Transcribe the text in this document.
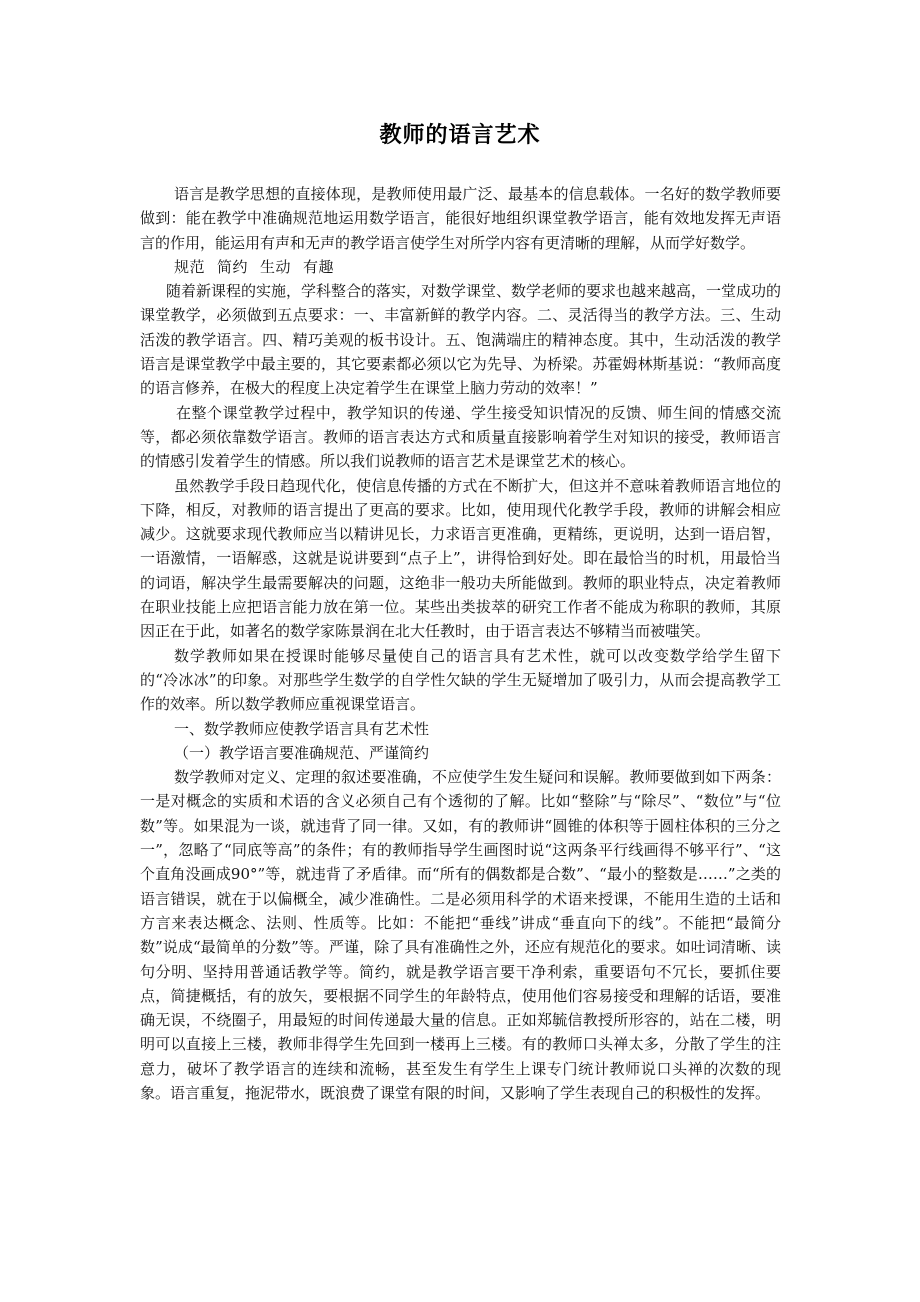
教师的语言艺术

语言是教学思想的直接体现，是教师使用最广泛、最基本的信息载体。一名好的数学教师要做到：能在教学中准确规范地运用数学语言，能很好地组织课堂教学语言，能有效地发挥无声语言的作用，能运用有声和无声的教学语言使学生对所学内容有更清晰的理解，从而学好数学。

规范 简约 生动 有趣

随着新课程的实施，学科整合的落实，对数学课堂、数学老师的要求也越来越高，一堂成功的课堂教学，必须做到五点要求：一、丰富新鲜的教学内容。二、灵活得当的教学方法。三、生动活泼的教学语言。四、精巧美观的板书设计。五、饱满端庄的精神态度。其中，生动活泼的教学语言是课堂教学中最主要的，其它要素都必须以它为先导、为桥梁。苏霍姆林斯基说：“教师高度的语言修养，在极大的程度上决定着学生在课堂上脑力劳动的效率！”

在整个课堂教学过程中，教学知识的传递、学生接受知识情况的反馈、师生间的情感交流等，都必须依靠数学语言。教师的语言表达方式和质量直接影响着学生对知识的接受，教师语言的情感引发着学生的情感。所以我们说教师的语言艺术是课堂艺术的核心。

虽然教学手段日趋现代化，使信息传播的方式在不断扩大，但这并不意味着教师语言地位的下降，相反，对教师的语言提出了更高的要求。比如，使用现代化教学手段，教师的讲解会相应减少。这就要求现代教师应当以精讲见长，力求语言更准确，更精练，更说明，达到一语启智，一语激情，一语解惑，这就是说讲要到“点子上”，讲得恰到好处。即在最恰当的时机，用最恰当的词语，解决学生最需要解决的问题，这绝非一般功夫所能做到。教师的职业特点，决定着教师在职业技能上应把语言能力放在第一位。某些出类拔萃的研究工作者不能成为称职的教师，其原因正在于此，如著名的数学家陈景润在北大任教时，由于语言表达不够精当而被嗤笑。

数学教师如果在授课时能够尽量使自己的语言具有艺术性，就可以改变数学给学生留下的“冷冰冰”的印象。对那些学生数学的自学性欠缺的学生无疑增加了吸引力，从而会提高教学工作的效率。所以数学教师应重视课堂语言。

一、数学教师应使教学语言具有艺术性

（一）教学语言要准确规范、严谨简约

数学教师对定义、定理的叙述要准确，不应使学生发生疑问和误解。教师要做到如下两条：一是对概念的实质和术语的含义必须自己有个透彻的了解。比如“整除”与“除尽”、“数位”与“位数”等。如果混为一谈，就违背了同一律。又如，有的教师讲“圆锥的体积等于圆柱体积的三分之一”，忽略了“同底等高”的条件；有的教师指导学生画图时说“这两条平行线画得不够平行”、“这个直角没画成90°”等，就违背了矛盾律。而“所有的偶数都是合数”、“最小的整数是……”之类的语言错误，就在于以偏概全，减少准确性。二是必须用科学的术语来授课，不能用生造的土话和方言来表达概念、法则、性质等。比如：不能把“垂线”讲成“垂直向下的线”。不能把“最简分数”说成“最简单的分数”等。严谨，除了具有准确性之外，还应有规范化的要求。如吐词清晰、读句分明、坚持用普通话教学等。简约，就是教学语言要干净利索，重要语句不冗长，要抓住要点，简捷概括，有的放矢，要根据不同学生的年龄特点，使用他们容易接受和理解的话语，要准确无误，不绕圈子，用最短的时间传递最大量的信息。正如郑毓信教授所形容的，站在二楼，明明可以直接上三楼，教师非得学生先回到一楼再上三楼。有的教师口头禅太多，分散了学生的注意力，破坏了教学语言的连续和流畅，甚至发生有学生上课专门统计教师说口头禅的次数的现象。语言重复，拖泥带水，既浪费了课堂有限的时间，又影响了学生表现自己的积极性的发挥。
